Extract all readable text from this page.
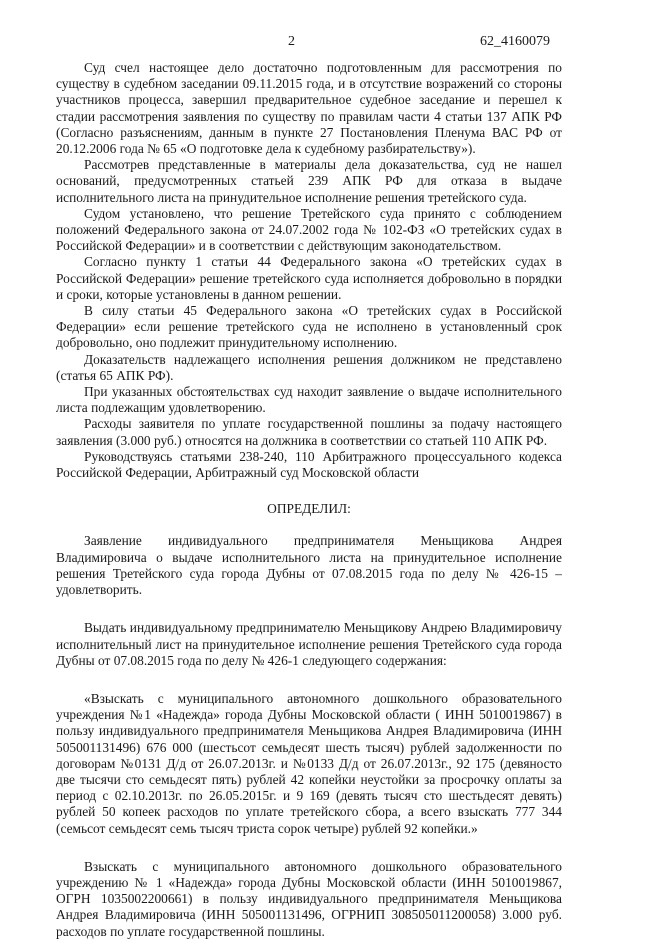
2	62_4160079

Суд счел настоящее дело достаточно подготовленным для рассмотрения по существу в судебном заседании 09.11.2015 года, и в отсутствие возражений со стороны участников процесса, завершил предварительное судебное заседание и перешел к стадии рассмотрения заявления по существу по правилам части 4 статьи 137 АПК РФ (Согласно разъяснениям, данным в пункте 27 Постановления Пленума ВАС РФ от 20.12.2006 года № 65 «О подготовке дела к судебному разбирательству»).

Рассмотрев представленные в материалы дела доказательства, суд не нашел оснований, предусмотренных статьей 239 АПК РФ для отказа в выдаче исполнительного листа на принудительное исполнение решения третейского суда.

Судом установлено, что решение Третейского суда принято с соблюдением положений Федерального закона от 24.07.2002 года № 102-ФЗ «О третейских судах в Российской Федерации» и в соответствии с действующим законодательством.

Согласно пункту 1 статьи 44 Федерального закона «О третейских судах в Российской Федерации» решение третейского суда исполняется добровольно в порядки и сроки, которые установлены в данном решении.

В силу статьи 45 Федерального закона «О третейских судах в Российской Федерации» если решение третейского суда не исполнено в установленный срок добровольно, оно подлежит принудительному исполнению.

Доказательств надлежащего исполнения решения должником не представлено (статья 65 АПК РФ).

При указанных обстоятельствах суд находит заявление о выдаче исполнительного листа подлежащим удовлетворению.

Расходы заявителя по уплате государственной пошлины за подачу настоящего заявления (3.000 руб.) относятся на должника в соответствии со статьей 110 АПК РФ.

Руководствуясь статьями 238-240, 110 Арбитражного процессуального кодекса Российской Федерации, Арбитражный суд Московской области

ОПРЕДЕЛИЛ:

Заявление индивидуального предпринимателя Меньщикова Андрея Владимировича о выдаче исполнительного листа на принудительное исполнение решения Третейского суда города Дубны от 07.08.2015 года по делу № 426-15 – удовлетворить.

Выдать индивидуальному предпринимателю Меньщикову Андрею Владимировичу исполнительный лист на принудительное исполнение решения Третейского суда города Дубны от 07.08.2015 года по делу № 426-1 следующего содержания:

«Взыскать с муниципального автономного дошкольного образовательного учреждения №1 «Надежда» города Дубны Московской области ( ИНН 5010019867) в пользу индивидуального предпринимателя Меньщикова Андрея Владимировича (ИНН 505001131496) 676 000 (шестьсот семьдесят шесть тысяч) рублей задолженности по договорам №0131 Д/д от 26.07.2013г. и №0133 Д/д от 26.07.2013г., 92 175 (девяносто две тысячи сто семьдесят пять) рублей 42 копейки неустойки за просрочку оплаты за период с 02.10.2013г. по 26.05.2015г. и 9 169 (девять тысяч сто шестьдесят девять) рублей 50 копеек расходов по уплате третейского сбора, а всего взыскать 777 344 (семьсот семьдесят семь тысяч триста сорок четыре) рублей 92 копейки.»

Взыскать с муниципального автономного дошкольного образовательного учреждению № 1 «Надежда» города Дубны Московской области (ИНН 5010019867, ОГРН 1035002200661) в пользу индивидуального предпринимателя Меньщикова Андрея Владимировича (ИНН 505001131496, ОГРНИП 308505011200058) 3.000 руб. расходов по уплате государственной пошлины.
